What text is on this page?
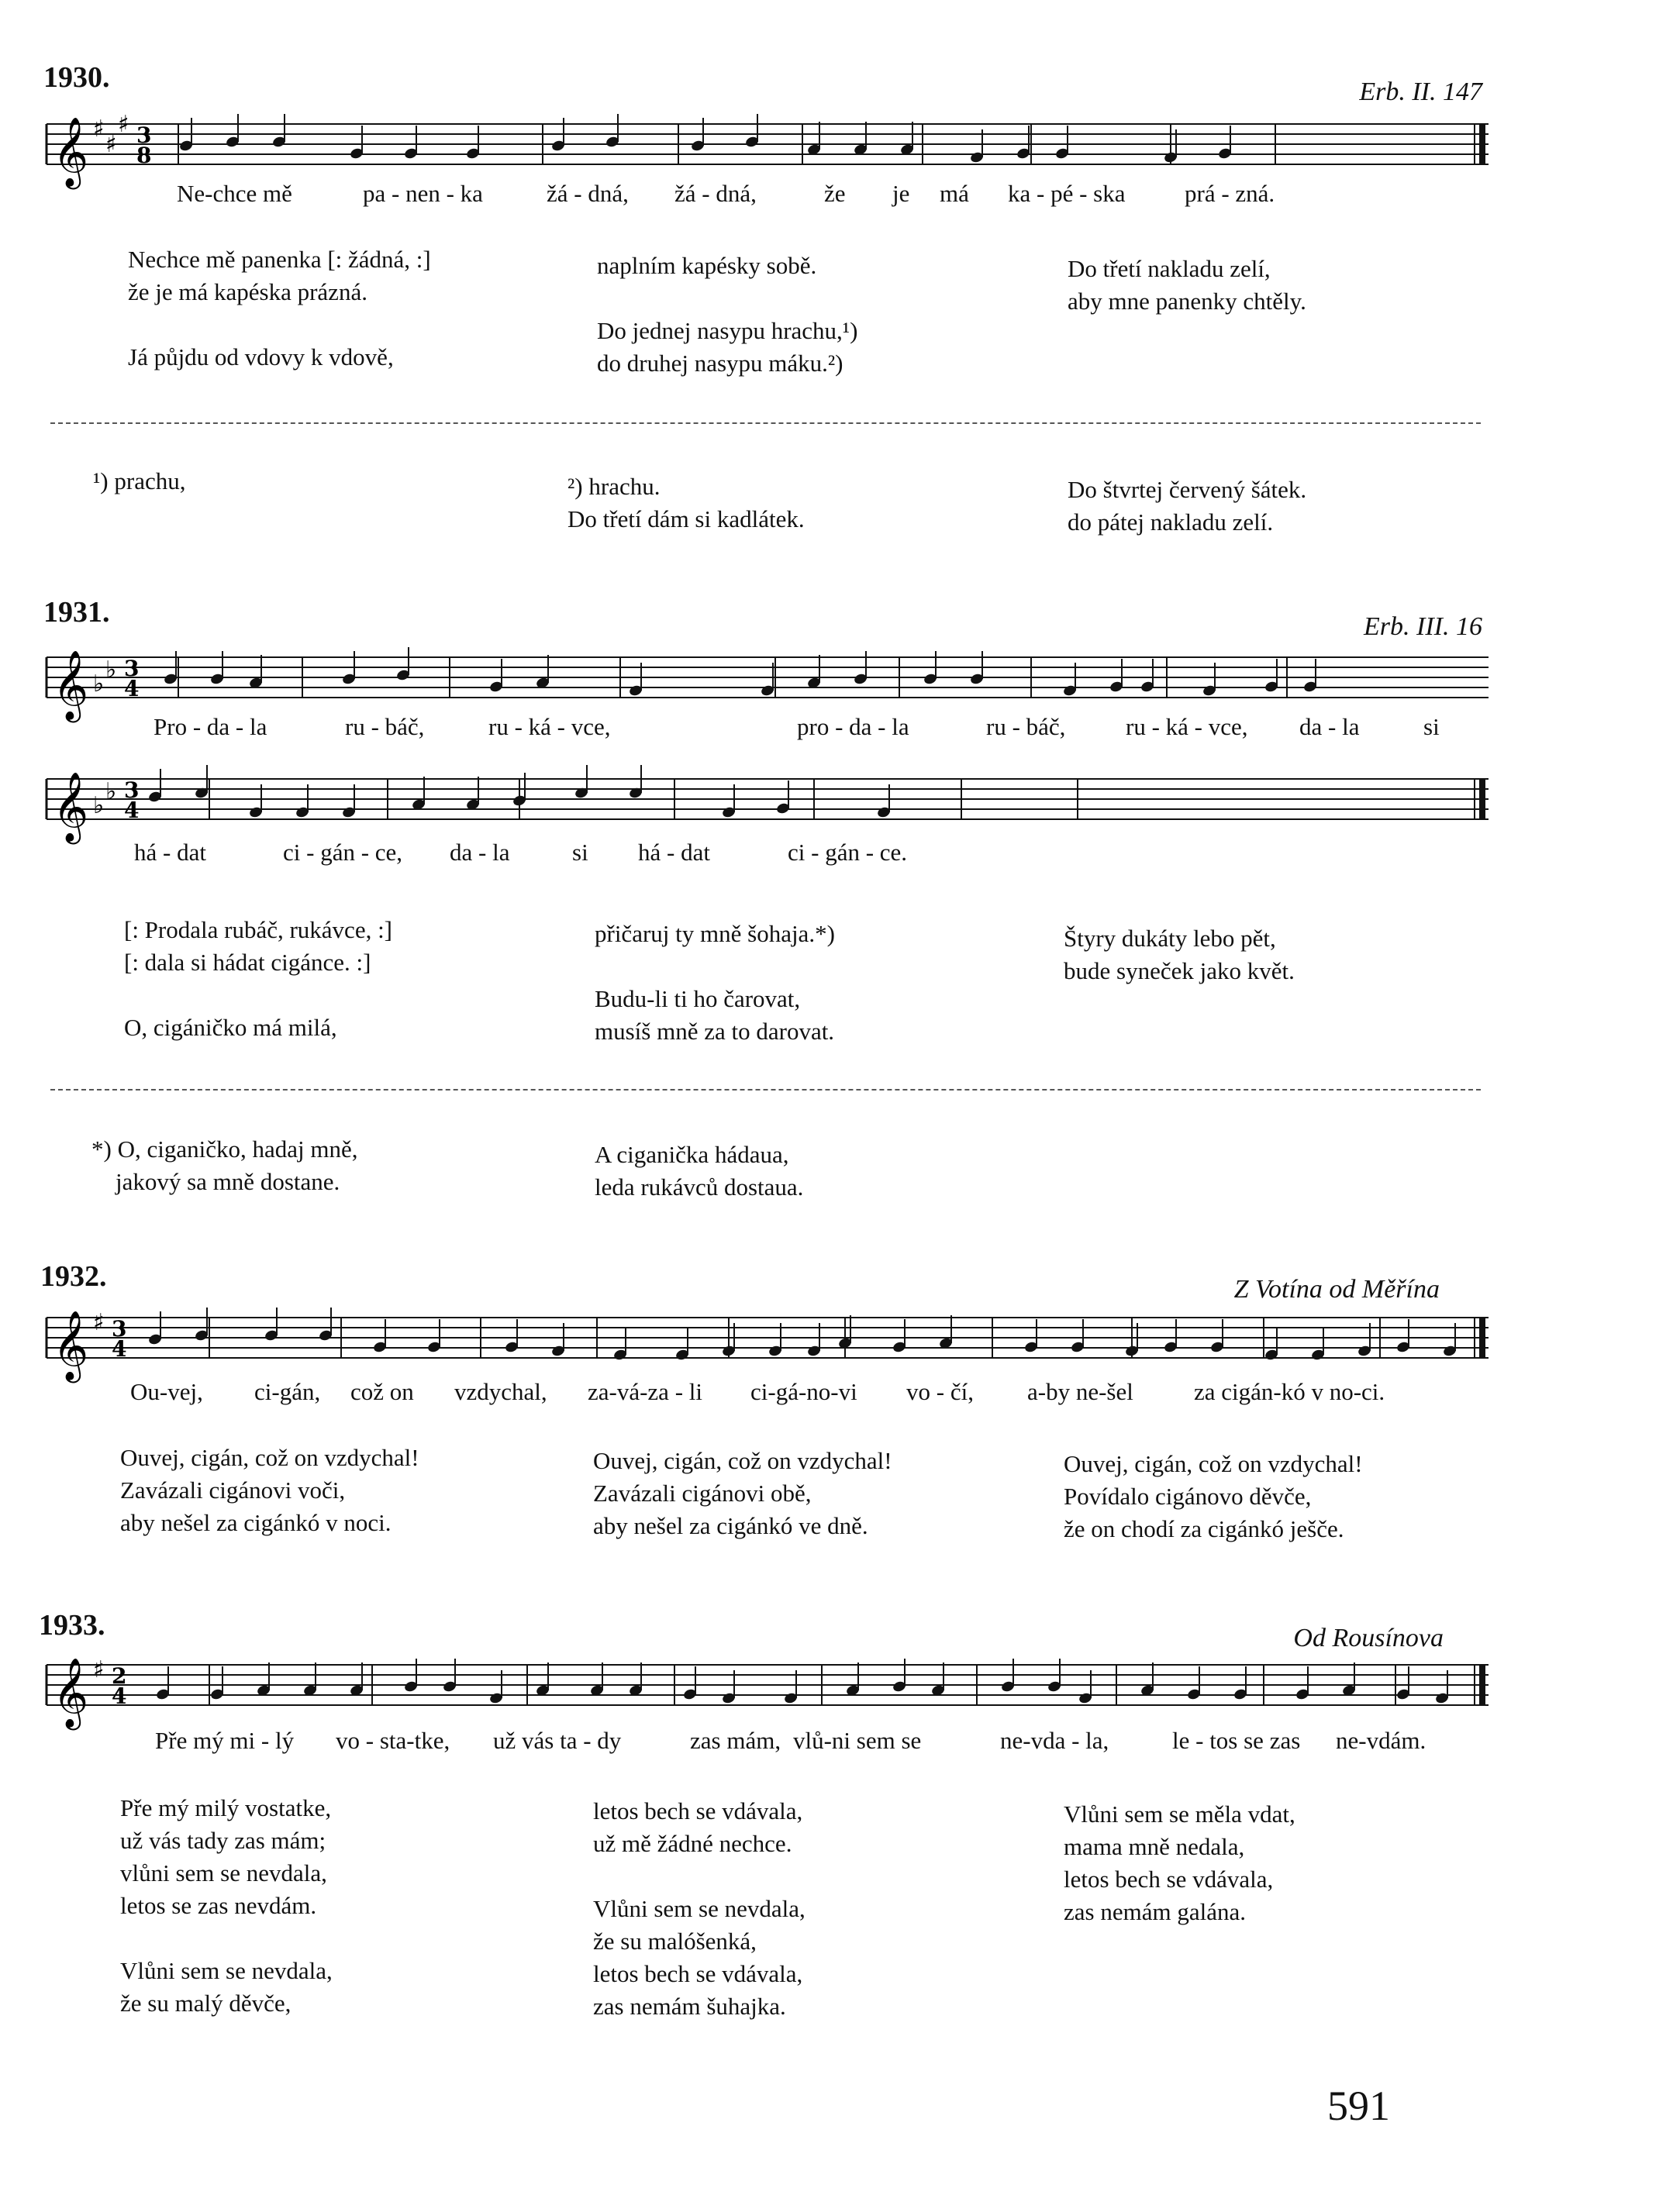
1930.	Erb. II. 147
𝄞 ♯
♯
♯ 3
8
Nechce mě panenka [: žádná, :]
že je má kapéska prázná.

Já půjdu od vdovy k vdově,
naplním kapésky sobě.

Do jednej nasypu hrachu,¹)
do druhej nasypu máku.²)
Do třetí nakladu zelí,
aby mne panenky chtěly.
¹) prachu,	²) hrachu.
Do třetí dám si kadlátek.
Do štvrtej červený šátek.
do pátej nakladu zelí.
1931.	Erb. III. 16
𝄞 ♭
♭ 3
4
𝄞 ♭
♭ 3
4
[: Prodala rubáč, rukávce, :]
[: dala si hádat cigánce. :]

O, cigáničko má milá,
přičaruj ty mně šohaja.*)

Budu-li ti ho čarovat,
musíš mně za to darovat.
Štyry dukáty lebo pět,
bude syneček jako květ.
*) O, ciganičko, hadaj mně,
jakový sa mně dostane.
A ciganička hádaua,
leda rukávců dostaua.
1932.	Z Votína od Měřína
𝄞 ♯ 3
4
Ouvej, cigán, což on vzdychal!
Zavázali cigánovi voči,
aby nešel za cigánkó v noci.
Ouvej, cigán, což on vzdychal!
Zavázali cigánovi obě,
aby nešel za cigánkó ve dně.
Ouvej, cigán, což on vzdychal!
Povídalo cigánovo děvče,
že on chodí za cigánkó ješče.
1933.	Od Rousínova
𝄞 ♯ 2
4
Pře mý milý vostatke,
už vás tady zas mám;
vlůni sem se nevdala,
letos se zas nevdám.

Vlůni sem se nevdala,
že su malý děvče,
letos bech se vdávala,
už mě žádné nechce.

Vlůni sem se nevdala,
že su malóšenká,
letos bech se vdávala,
zas nemám šuhajka.
Vlůni sem se měla vdat,
mama mně nedala,
letos bech se vdávala,
zas nemám galána.
591
Ne-chce mě	pa - nen - ka	žá - dná, žá - dná,	že je má ka - pé - ska prá - zná.
Pro - da - la	ru - báč,	ru - ká - vce,	pro - da - la	ru - báč,	ru - ká - vce, da - la	si
há - dat	ci - gán - ce, da - la	si há - dat	ci - gán - ce.
Ou-vej, ci-gán, což on vzdychal, za-vá-za - li ci-gá-no-vi vo - čí, a-by ne-šel	za cigán-kó v no-ci.
Pře mý mi - lý vo - sta-tke, už vás ta - dy	zas mám, vlů-ni sem se	ne-vda - la,	le - tos se zas ne-vdám.
